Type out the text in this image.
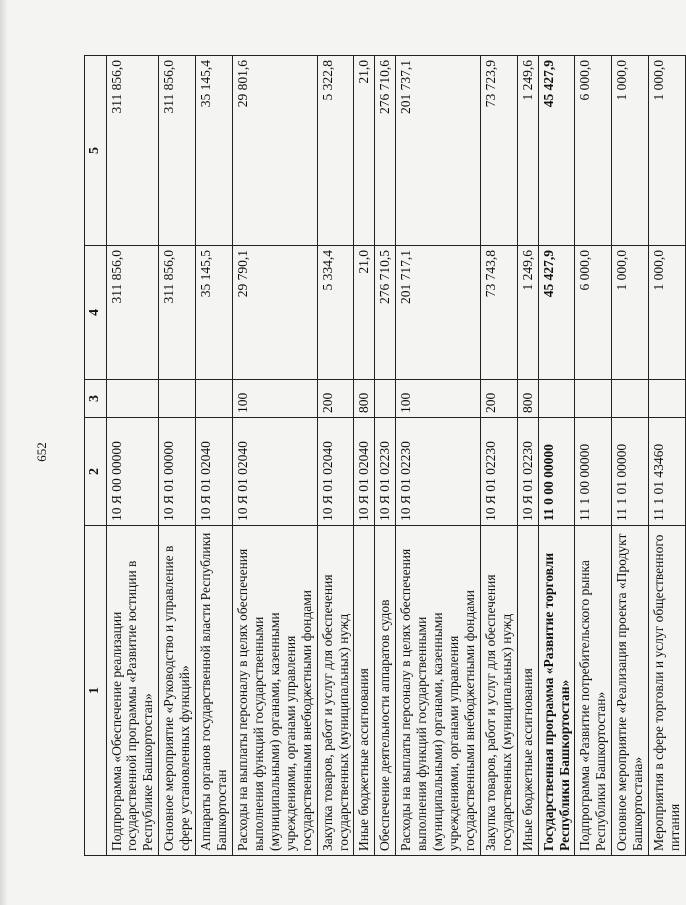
652
1	2	3	4	5
Подпрограмма «Обеспечение реализации государственной программы «Развитие юстиции в Республике Башкортостан»	10 Я 00 00000		311 856,0	311 856,0
Основное мероприятие «Руководство и управление в сфере установленных функций»	10 Я 01 00000		311 856,0	311 856,0
Аппараты органов государственной власти Республики Башкортостан	10 Я 01 02040		35 145,5	35 145,4
Расходы на выплаты персоналу в целях обеспечения выполнения функций государственными (муниципальными) органами, казенными учреждениями, органами управления государственными внебюджетными фондами	10 Я 01 02040	100	29 790,1	29 801,6
Закупка товаров, работ и услуг для обеспечения государственных (муниципальных) нужд	10 Я 01 02040	200	5 334,4	5 322,8
Иные бюджетные ассигнования	10 Я 01 02040	800	21,0	21,0
Обеспечение деятельности аппаратов судов	10 Я 01 02230		276 710,5	276 710,6
Расходы на выплаты персоналу в целях обеспечения выполнения функций государственными (муниципальными) органами, казенными учреждениями, органами управления государственными внебюджетными фондами	10 Я 01 02230	100	201 717,1	201 737,1
Закупка товаров, работ и услуг для обеспечения государственных (муниципальных) нужд	10 Я 01 02230	200	73 743,8	73 723,9
Иные бюджетные ассигнования	10 Я 01 02230	800	1 249,6	1 249,6
Государственная программа «Развитие торговли Республики Башкортостан»	11 0 00 00000		45 427,9	45 427,9
Подпрограмма «Развитие потребительского рынка Республики Башкортостан»	11 1 00 00000		6 000,0	6 000,0
Основное мероприятие «Реализация проекта «Продукт Башкортостана»	11 1 01 00000		1 000,0	1 000,0
Мероприятия в сфере торговли и услуг общественного питания	11 1 01 43460		1 000,0	1 000,0
